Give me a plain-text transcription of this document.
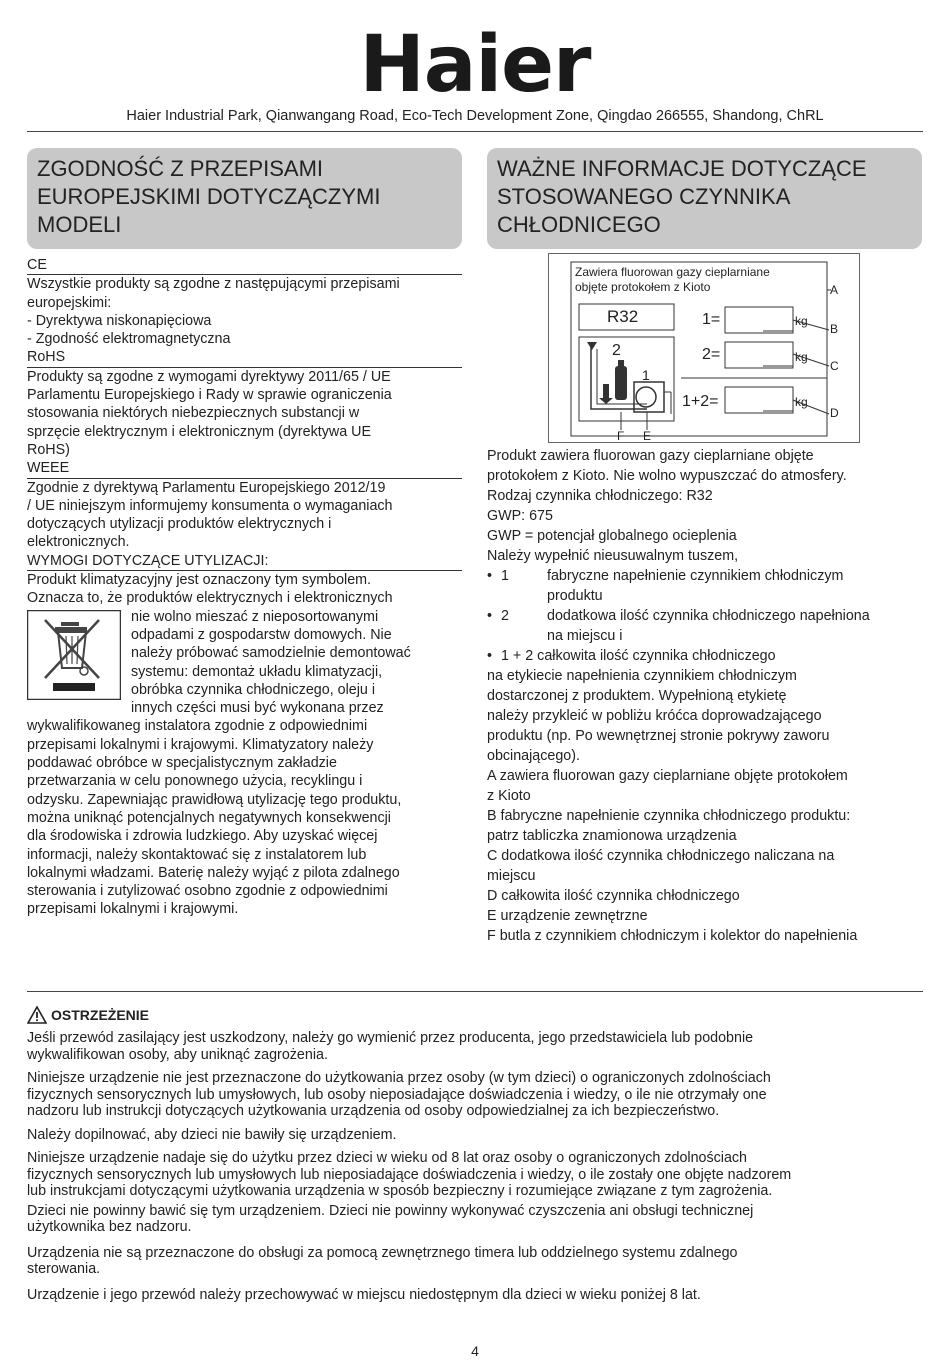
Haier
Haier Industrial Park, Qianwangang Road, Eco-Tech Development Zone, Qingdao 266555, Shandong, ChRL
ZGODNOŚĆ Z PRZEPISAMI
EUROPEJSKIMI DOTYCZĄCZYMI
MODELI
WAŻNE INFORMACJE DOTYCZĄCE
STOSOWANEGO CZYNNIKA
CHŁODNICEGO
CE
Wszystkie produkty są zgodne z następującymi przepisami
europejskimi:
- Dyrektywa niskonapięciowa
- Zgodność elektromagnetyczna
RoHS
Produkty są zgodne z wymogami dyrektywy 2011/65 / UE
Parlamentu Europejskiego i Rady w sprawie ograniczenia
stosowania niektórych niebezpiecznych substancji w
sprzęcie elektrycznym i elektronicznym (dyrektywa UE
RoHS)
WEEE
Zgodnie z dyrektywą Parlamentu Europejskiego 2012/19
/ UE niniejszym informujemy konsumenta o wymaganiach
dotyczących utylizacji produktów elektrycznych i
elektronicznych.
WYMOGI DOTYCZĄCE UTYLIZACJI:
Produkt klimatyzacyjny jest oznaczony tym symbolem.
Oznacza to, że produktów elektrycznych i elektronicznych
nie wolno mieszać z nieposortowanymi
odpadami z gospodarstw domowych. Nie
należy próbować samodzielnie demontować
systemu: demontaż układu klimatyzacji,
obróbka czynnika chłodniczego, oleju i
innych części musi być wykonana przez
wykwalifikowaneg instalatora zgodnie z odpowiednimi
przepisami lokalnymi i krajowymi. Klimatyzatory należy
poddawać obróbce w specjalistycznym zakładzie
przetwarzania w celu ponownego użycia, recyklingu i
odzysku. Zapewniając prawidłową utylizację tego produktu,
można uniknąć potencjalnych negatywnych konsekwencji
dla środowiska i zdrowia ludzkiego. Aby uzyskać więcej
informacji, należy skontaktować się z instalatorem lub
lokalnymi władzami. Baterię należy wyjąć z pilota zdalnego
sterowania i zutylizować osobno zgodnie z odpowiednimi
przepisami lokalnymi i krajowymi.
Zawiera fluorowan gazy cieplarniane
objęte protokołem z Kioto
R32
2
1
1=
2=
1+2=
kg
kg
kg
A
B
C
D
F E
Produkt zawiera fluorowan gazy cieplarniane objęte
protokołem z Kioto. Nie wolno wypuszczać do atmosfery.
Rodzaj czynnika chłodniczego: R32
GWP: 675
GWP = potencjał globalnego ocieplenia
Należy wypełnić nieusuwalnym tuszem,
• 1	fabryczne napełnienie czynnikiem chłodniczym
produktu
• 2	dodatkowa ilość czynnika chłodniczego napełniona
na miejscu i
• 1 + 2 całkowita ilość czynnika chłodniczego
na etykiecie napełnienia czynnikiem chłodniczym
dostarczonej z produktem. Wypełnioną etykietę
należy przykleić w pobliżu króćca doprowadzającego
produktu (np. Po wewnętrznej stronie pokrywy zaworu
obcinającego).
A zawiera fluorowan gazy cieplarniane objęte protokołem
z Kioto
B fabryczne napełnienie czynnika chłodniczego produktu:
patrz tabliczka znamionowa urządzenia
C dodatkowa ilość czynnika chłodniczego naliczana na
miejscu
D całkowita ilość czynnika chłodniczego
E urządzenie zewnętrzne
F butla z czynnikiem chłodniczym i kolektor do napełnienia
OSTRZEŻENIE

Jeśli przewód zasilający jest uszkodzony, należy go wymienić przez producenta, jego przedstawiciela lub podobnie

wykwalifikowan osoby, aby uniknąć zagrożenia.

Niniejsze urządzenie nie jest przeznaczone do użytkowania przez osoby (w tym dzieci) o ograniczonych zdolnościach

fizycznych sensorycznych lub umysłowych, lub osoby nieposiadające doświadczenia i wiedzy, o ile nie otrzymały one

nadzoru lub instrukcji dotyczących użytkowania urządzenia od osoby odpowiedzialnej za ich bezpieczeństwo.

Należy dopilnować, aby dzieci nie bawiły się urządzeniem.

Niniejsze urządzenie nadaje się do użytku przez dzieci w wieku od 8 lat oraz osoby o ograniczonych zdolnościach

fizycznych sensorycznych lub umysłowych lub nieposiadające doświadczenia i wiedzy, o ile zostały one objęte nadzorem

lub instrukcjami dotyczącymi użytkowania urządzenia w sposób bezpieczny i rozumiejące związane z tym zagrożenia.

Dzieci nie powinny bawić się tym urządzeniem. Dzieci nie powinny wykonywać czyszczenia ani obsługi technicznej

użytkownika bez nadzoru.

Urządzenia nie są przeznaczone do obsługi za pomocą zewnętrznego timera lub oddzielnego systemu zdalnego

sterowania.

Urządzenie i jego przewód należy przechowywać w miejscu niedostępnym dla dzieci w wieku poniżej 8 lat.

4
